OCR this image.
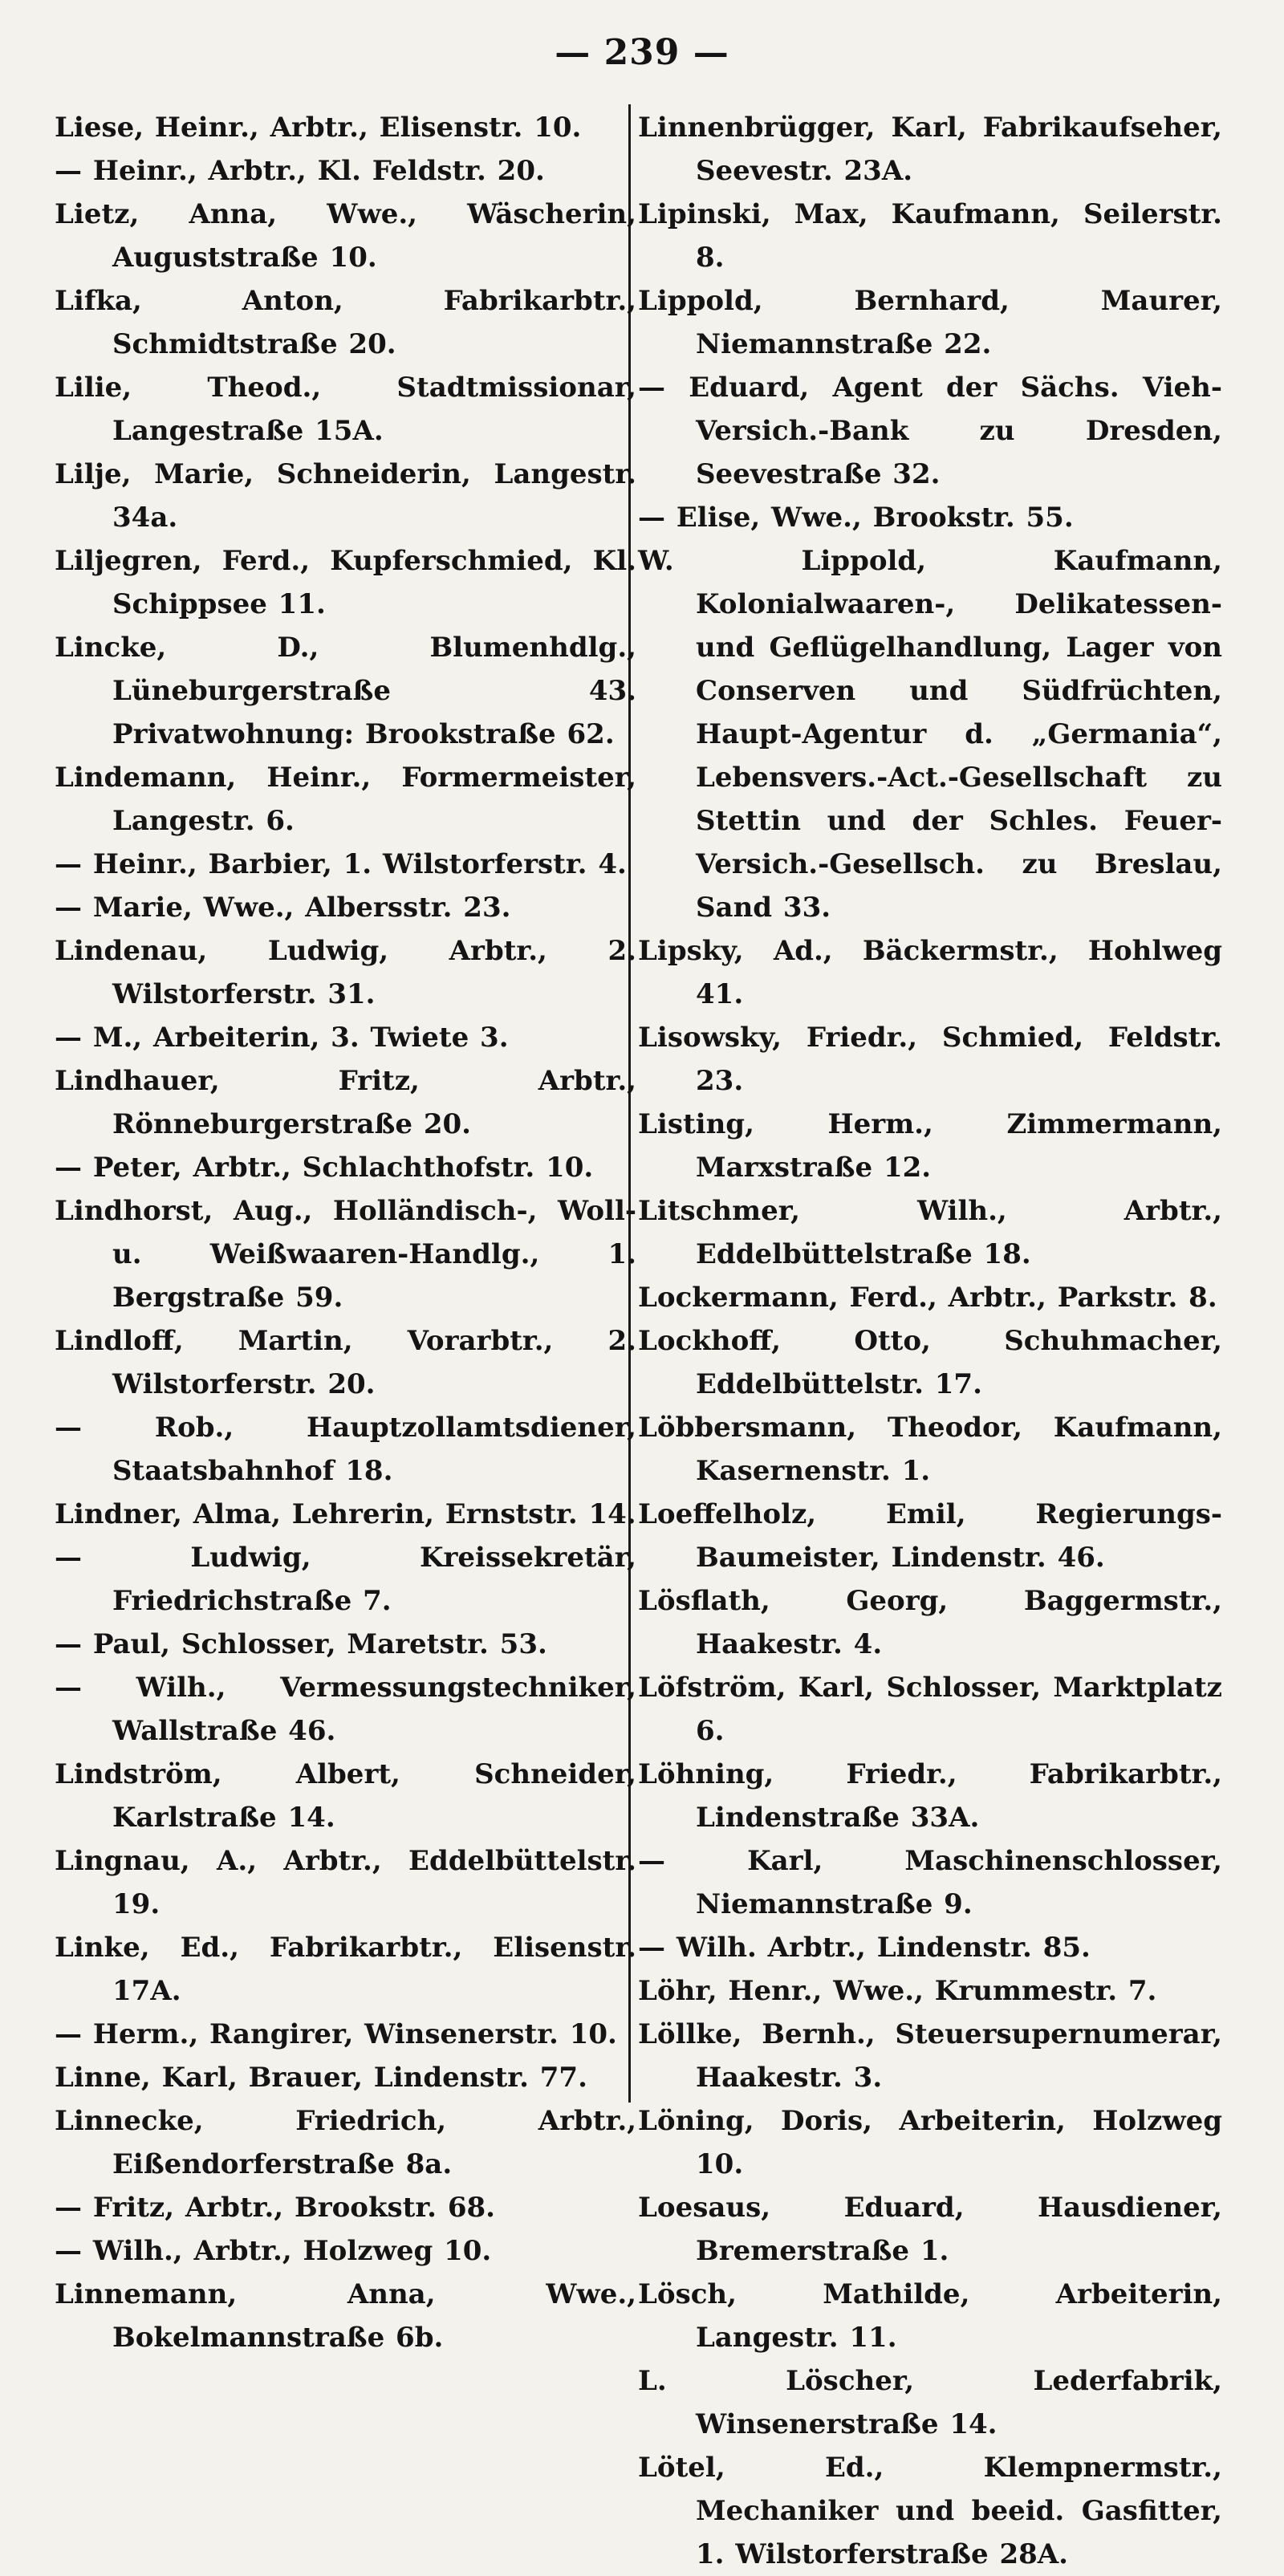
— 239 —

Liese, Heinr., Arbtr., Elisenstr. 10.

— Heinr., Arbtr., Kl. Feldstr. 20.

Lietz, Anna, Wwe., Wäscherin, Auguststraße 10.

Lifka, Anton, Fabrikarbtr., Schmidtstraße 20.

Lilie, Theod., Stadtmissionar, Langestraße 15A.

Lilje, Marie, Schneiderin, Langestr. 34a.

Liljegren, Ferd., Kupferschmied, Kl. Schippsee 11.

Lincke, D., Blumenhdlg., Lüneburgerstraße 43. Privatwohnung: Brookstraße 62.

Lindemann, Heinr., Formermeister, Langestr. 6.

— Heinr., Barbier, 1. Wilstorferstr. 4.

— Marie, Wwe., Albersstr. 23.

Lindenau, Ludwig, Arbtr., 2. Wilstorferstr. 31.

— M., Arbeiterin, 3. Twiete 3.

Lindhauer, Fritz, Arbtr., Rönneburgerstraße 20.

— Peter, Arbtr., Schlachthofstr. 10.

Lindhorst, Aug., Holländisch-, Woll- u. Weißwaaren-Handlg., 1. Bergstraße 59.

Lindloff, Martin, Vorarbtr., 2. Wilstorferstr. 20.

— Rob., Hauptzollamtsdiener, Staatsbahnhof 18.

Lindner, Alma, Lehrerin, Ernststr. 14.

— Ludwig, Kreissekretär, Friedrichstraße 7.

— Paul, Schlosser, Maretstr. 53.

— Wilh., Vermessungstechniker, Wallstraße 46.

Lindström, Albert, Schneider, Karlstraße 14.

Lingnau, A., Arbtr., Eddelbüttelstr. 19.

Linke, Ed., Fabrikarbtr., Elisenstr. 17A.

— Herm., Rangirer, Winsenerstr. 10.

Linne, Karl, Brauer, Lindenstr. 77.

Linnecke, Friedrich, Arbtr., Eißendorferstraße 8a.

— Fritz, Arbtr., Brookstr. 68.

— Wilh., Arbtr., Holzweg 10.

Linnemann, Anna, Wwe., Bokelmannstraße 6b.

Linnenbrügger, Karl, Fabrikaufseher, Seevestr. 23A.

Lipinski, Max, Kaufmann, Seilerstr. 8.

Lippold, Bernhard, Maurer, Niemannstraße 22.

— Eduard, Agent der Sächs. Vieh-Versich.-Bank zu Dresden, Seevestraße 32.

— Elise, Wwe., Brookstr. 55.

W. Lippold, Kaufmann, Kolonialwaaren-, Delikatessen- und Geflügelhandlung, Lager von Conserven und Südfrüchten, Haupt-Agentur d. „Germania“, Lebensvers.-Act.-Gesellschaft zu Stettin und der Schles. Feuer-Versich.-Gesellsch. zu Breslau, Sand 33.

Lipsky, Ad., Bäckermstr., Hohlweg 41.

Lisowsky, Friedr., Schmied, Feldstr. 23.

Listing, Herm., Zimmermann, Marxstraße 12.

Litschmer, Wilh., Arbtr., Eddelbüttelstraße 18.

Lockermann, Ferd., Arbtr., Parkstr. 8.

Lockhoff, Otto, Schuhmacher, Eddelbüttelstr. 17.

Löbbersmann, Theodor, Kaufmann, Kasernenstr. 1.

Loeffelholz, Emil, Regierungs-Baumeister, Lindenstr. 46.

Lösflath, Georg, Baggermstr., Haakestr. 4.

Löfström, Karl, Schlosser, Marktplatz 6.

Löhning, Friedr., Fabrikarbtr., Lindenstraße 33A.

— Karl, Maschinenschlosser, Niemannstraße 9.

— Wilh. Arbtr., Lindenstr. 85.

Löhr, Henr., Wwe., Krummestr. 7.

Löllke, Bernh., Steuersupernumerar, Haakestr. 3.

Löning, Doris, Arbeiterin, Holzweg 10.

Loesaus, Eduard, Hausdiener, Bremerstraße 1.

Lösch, Mathilde, Arbeiterin, Langestr. 11.

L. Löscher, Lederfabrik, Winsenerstraße 14.

Lötel, Ed., Klempnermstr., Mechaniker und beeid. Gasfitter, 1. Wilstorferstraße 28A.
